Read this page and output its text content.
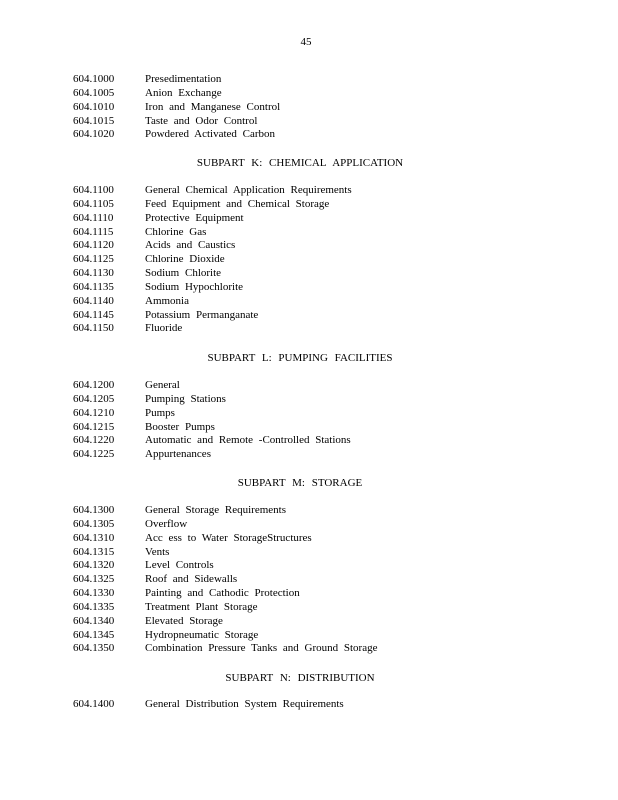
45
604.1000	Presedimentation
604.1005	Anion Exchange
604.1010	Iron and Manganese Control
604.1015	Taste and Odor Control
604.1020	Powdered Activated Carbon
SUBPART K: CHEMICAL APPLICATION
604.1100	General Chemical Application Requirements
604.1105	Feed Equipment and Chemical Storage
604.1110	Protective Equipment
604.1115	Chlorine Gas
604.1120	Acids and Caustics
604.1125	Chlorine Dioxide
604.1130	Sodium Chlorite
604.1135	Sodium Hypochlorite
604.1140	Ammonia
604.1145	Potassium Permanganate
604.1150	Fluoride
SUBPART L: PUMPING FACILITIES
604.1200	General
604.1205	Pumping Stations
604.1210	Pumps
604.1215	Booster Pumps
604.1220	Automatic and Remote -Controlled Stations
604.1225	Appurtenances
SUBPART M: STORAGE
604.1300	General Storage Requirements
604.1305	Overflow
604.1310	Acc ess to Water StorageStructures
604.1315	Vents
604.1320	Level Controls
604.1325	Roof and Sidewalls
604.1330	Painting and Cathodic Protection
604.1335	Treatment Plant Storage
604.1340	Elevated Storage
604.1345	Hydropneumatic Storage
604.1350	Combination Pressure Tanks and Ground Storage
SUBPART N: DISTRIBUTION
604.1400	General Distribution System Requirements
